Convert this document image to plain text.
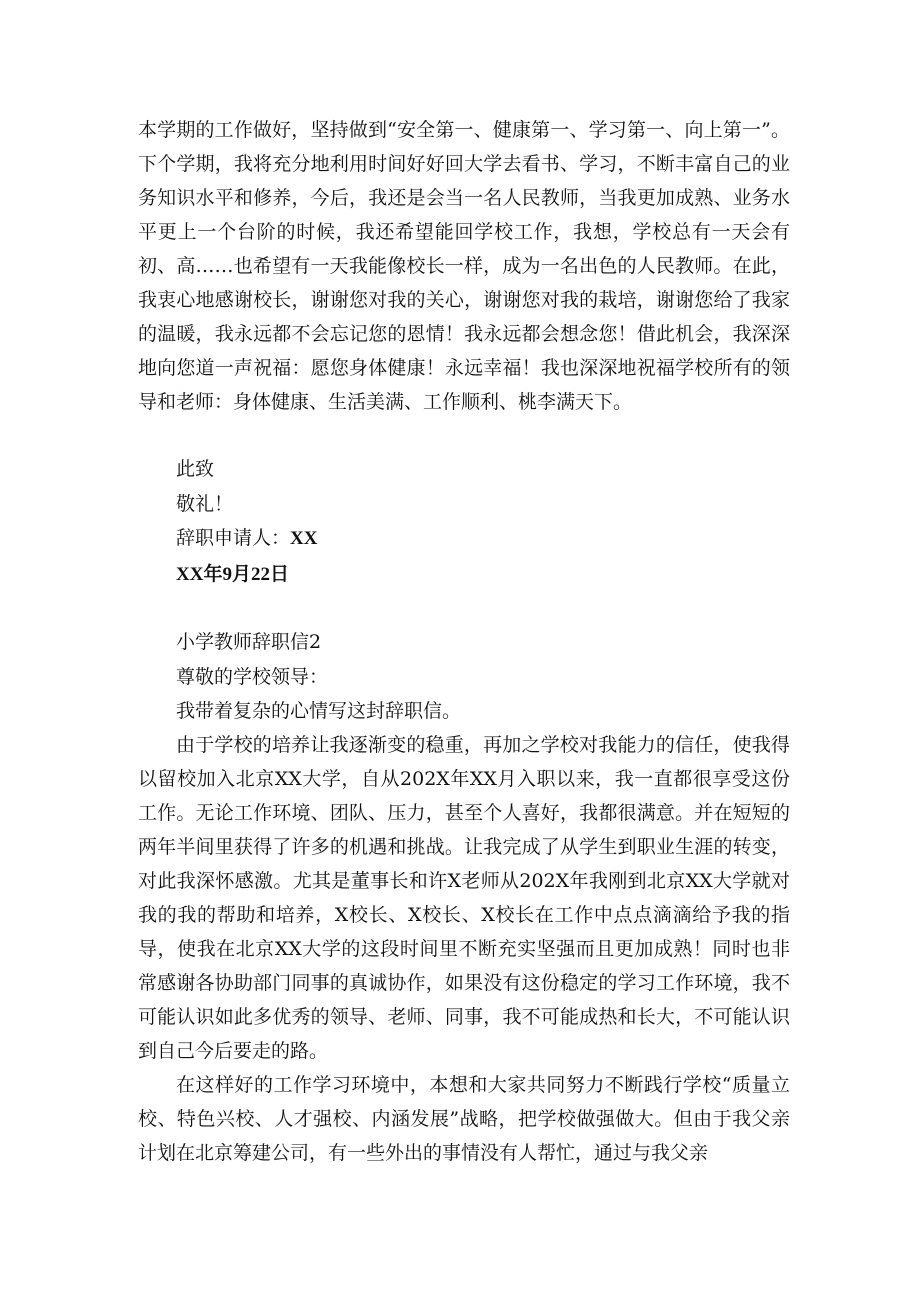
本学期的工作做好，坚持做到“安全第一、健康第一、学习第一、向上第一”。下个学期，我将充分地利用时间好好回大学去看书、学习，不断丰富自己的业务知识水平和修养，今后，我还是会当一名人民教师，当我更加成熟、业务水平更上一个台阶的时候，我还希望能回学校工作，我想，学校总有一天会有初、高……也希望有一天我能像校长一样，成为一名出色的人民教师。在此，我衷心地感谢校长，谢谢您对我的关心，谢谢您对我的栽培，谢谢您给了我家的温暖，我永远都不会忘记您的恩情！我永远都会想念您！借此机会，我深深地向您道一声祝福：愿您身体健康！永远幸福！我也深深地祝福学校所有的领导和老师：身体健康、生活美满、工作顺利、桃李满天下。

此致

敬礼！

辞职申请人：XX

XX年9月22日

小学教师辞职信2

尊敬的学校领导：

我带着复杂的心情写这封辞职信。

由于学校的培养让我逐渐变的稳重，再加之学校对我能力的信任，使我得以留校加入北京XX大学，自从202X年XX月入职以来，我一直都很享受这份工作。无论工作环境、团队、压力，甚至个人喜好，我都很满意。并在短短的两年半间里获得了许多的机遇和挑战。让我完成了从学生到职业生涯的转变，对此我深怀感激。尤其是董事长和许X老师从202X年我刚到北京XX大学就对我的我的帮助和培养，X校长、X校长、X校长在工作中点点滴滴给予我的指导，使我在北京XX大学的这段时间里不断充实坚强而且更加成熟！同时也非常感谢各协助部门同事的真诚协作，如果没有这份稳定的学习工作环境，我不可能认识如此多优秀的领导、老师、同事，我不可能成热和长大，不可能认识到自己今后要走的路。

在这样好的工作学习环境中，本想和大家共同努力不断践行学校“质量立校、特色兴校、人才强校、内涵发展”战略，把学校做强做大。但由于我父亲计划在北京筹建公司，有一些外出的事情没有人帮忙，通过与我父亲
